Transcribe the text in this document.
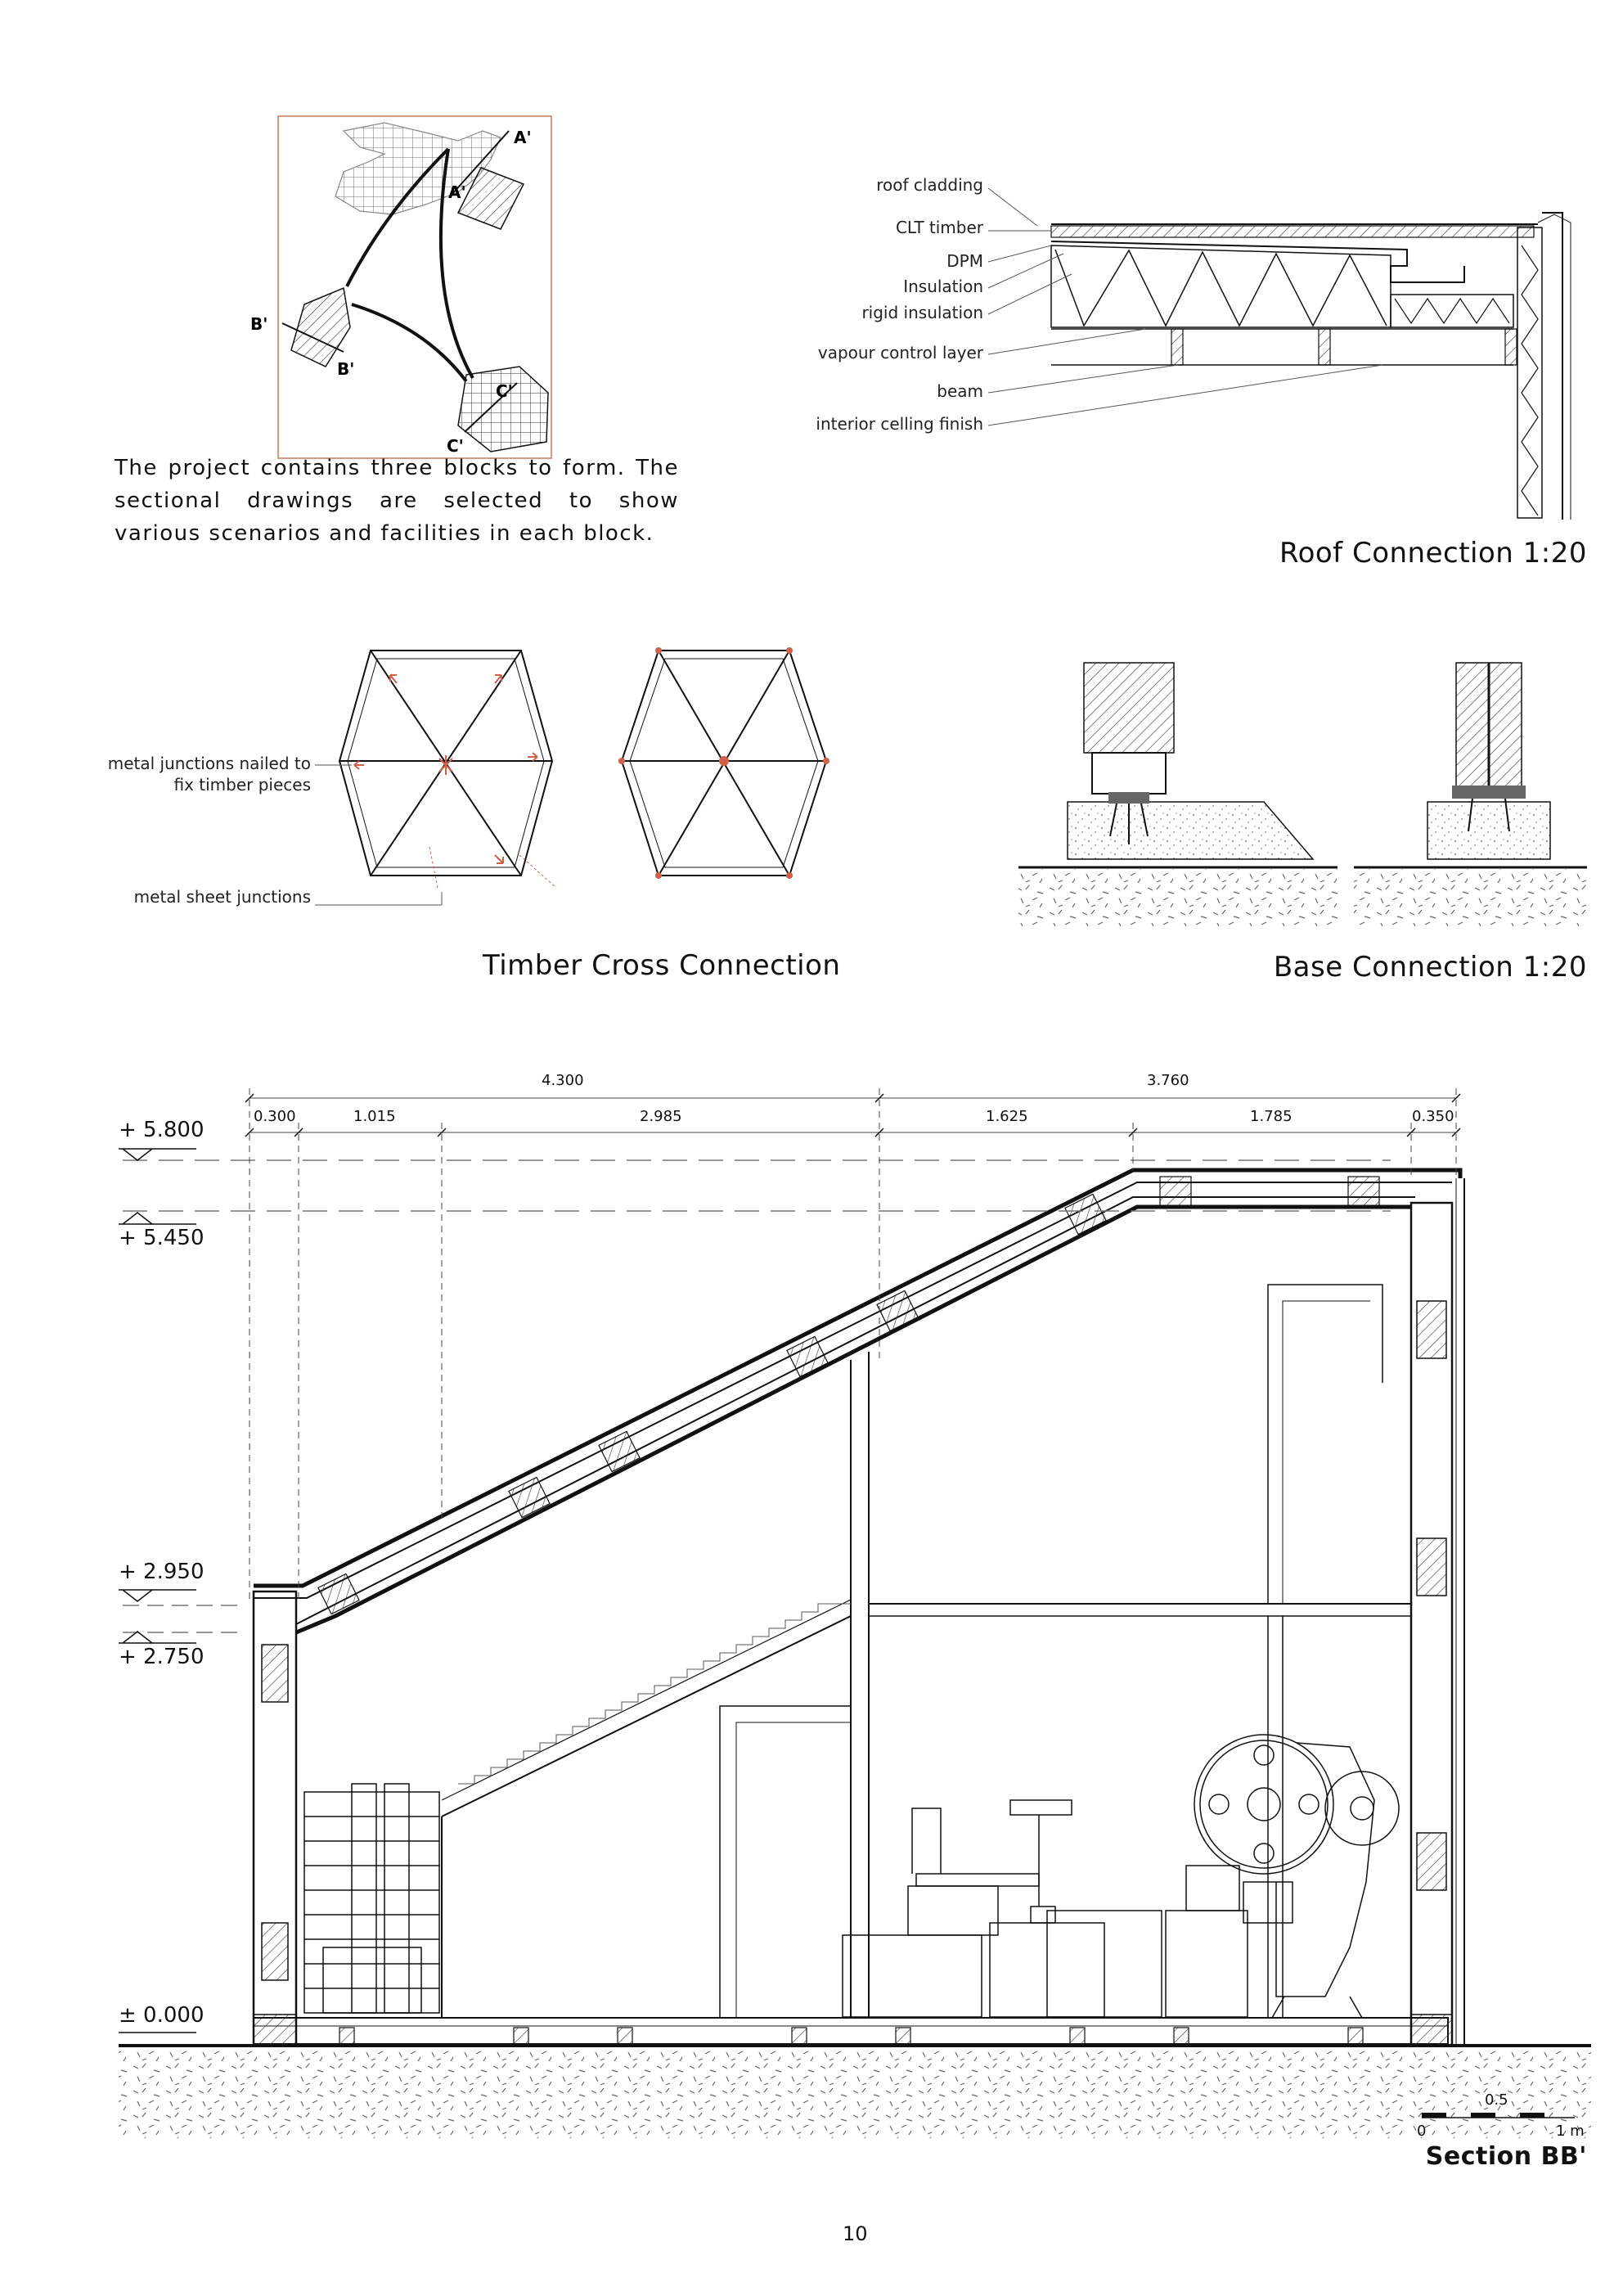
A'
A'
B'
B'
C'
C'
The project contains three blocks to form. The sectional drawings are selected to show various scenarios and facilities in each block.
roof cladding
CLT timber
DPM
Insulation
rigid insulation
vapour control layer
beam
interior celling finish
Roof Connection 1:20
metal junctions nailed to fix timber pieces
metal sheet junctions
Timber Cross Connection	Base Connection 1:20
+ 5.800
+ 5.450
+ 2.950
+ 2.750
± 0.000
4.300	3.760
0.300	1.015	2.985	1.625	1.785	0.350
0.5
0	1 m
Section BB'
10
